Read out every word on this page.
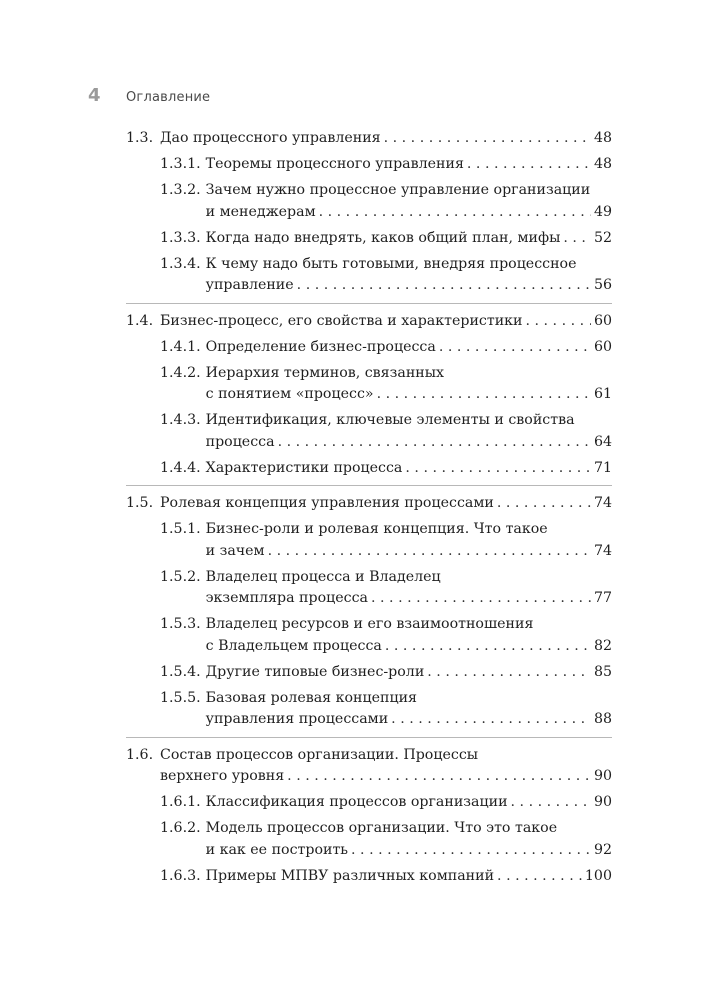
4	Оглавление
1.3. Дао процессного управления . . .	48
1.3.1. Теоремы процессного управления . . .	48
1.3.2. Зачем нужно процессное управление организации
и менеджерам . . .	49
1.3.3. Когда надо внедрять, каков общий план, мифы . . . 52
1.3.4. К чему надо быть готовыми, внедряя процессное
управление . . .	56
1.4. Бизнес-процесс, его свойства и характеристики . . .	60
1.4.1. Определение бизнес-процесса . . .	60
1.4.2. Иерархия терминов, связанных
с понятием «процесс» . . .	61
1.4.3. Идентификация, ключевые элементы и свойства
процесса . . .	64
1.4.4. Характеристики процесса . . .	71
1.5. Ролевая концепция управления процессами . . .	74
1.5.1. Бизнес-роли и ролевая концепция. Что такое
и зачем . . .	74
1.5.2. Владелец процесса и Владелец
экземпляра процесса . . .	77
1.5.3. Владелец ресурсов и его взаимоотношения
с Владельцем процесса . . .	82
1.5.4. Другие типовые бизнес-роли . . .	85
1.5.5. Базовая ролевая концепция
управления процессами . . .	88
1.6. Состав процессов организации. Процессы
верхнего уровня . . .	90
1.6.1. Классификация процессов организации . . .	90
1.6.2. Модель процессов организации. Что это такое
и как ее построить . . .	92
1.6.3. Примеры МПВУ различных компаний . . .	100
